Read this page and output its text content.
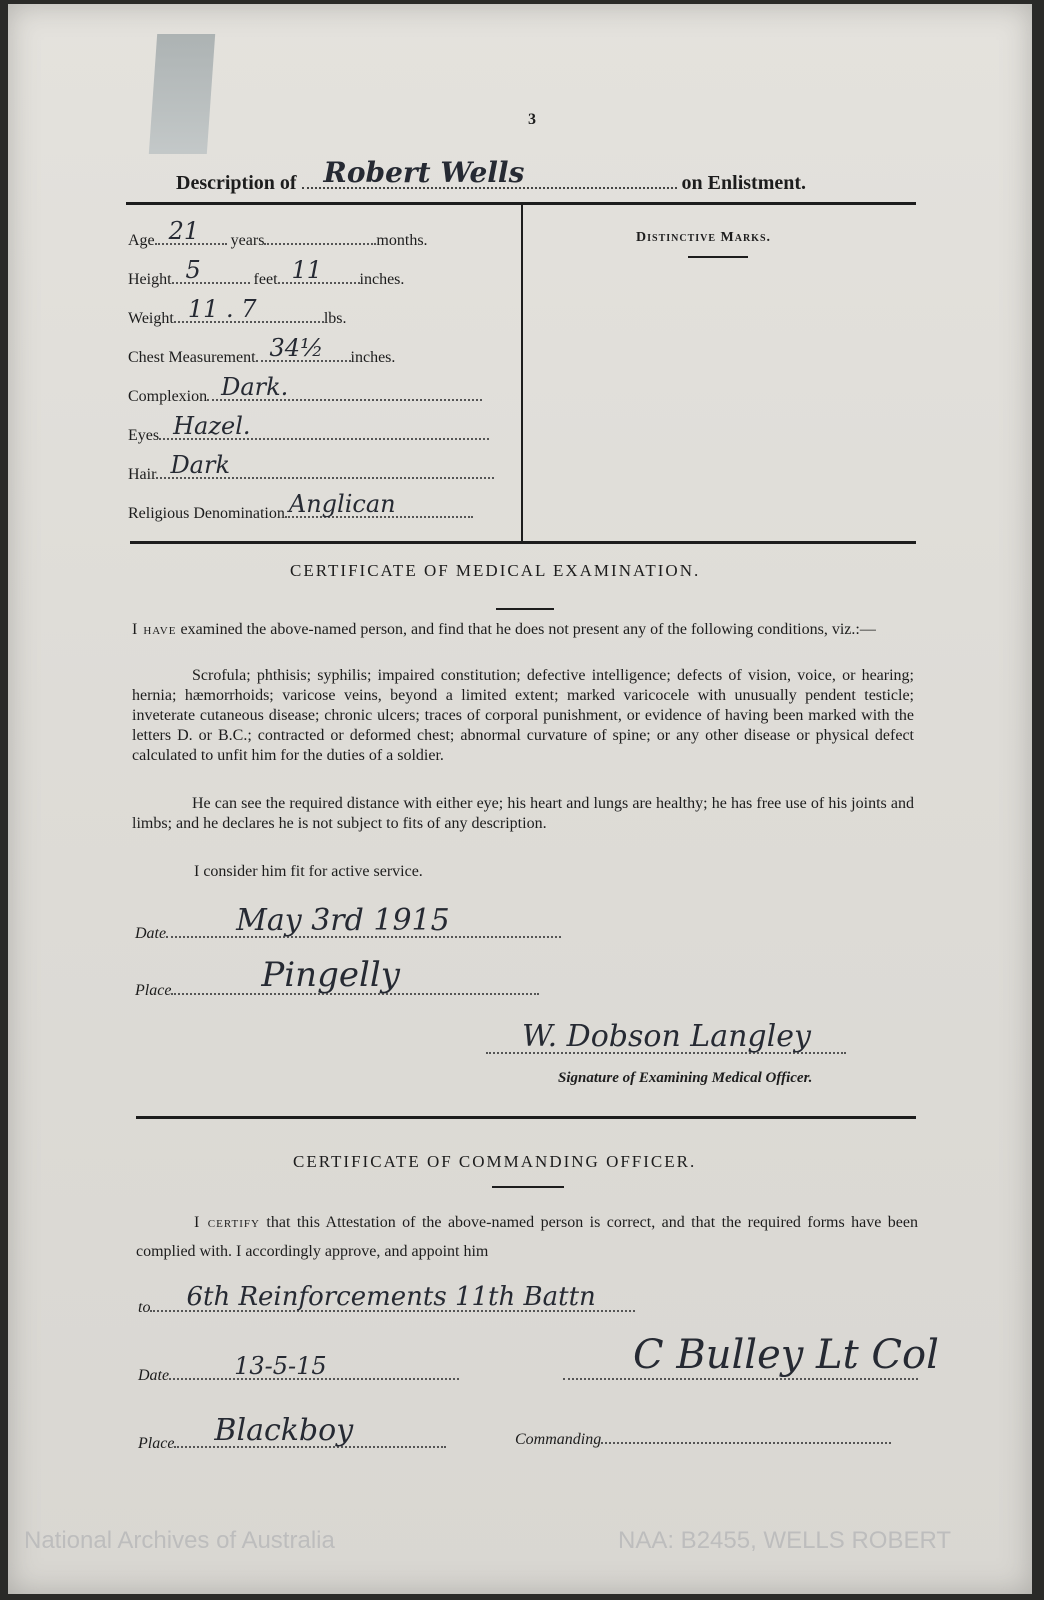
3
Description of Robert Wells	on Enlistment.
Age 21 years	months.
Height 5	feet 11 inches.
Weight 11 . 7	lbs.
Chest Measurement 34½ inches.
Complexion Dark.
Eyes Hazel.
Hair Dark
Religious Denomination Anglican
Distinctive Marks.
CERTIFICATE OF MEDICAL EXAMINATION.
I have examined the above-named person, and find that he does not present any of the following conditions, viz.:—
Scrofula; phthisis; syphilis; impaired constitution; defective intelligence; defects of vision, voice, or hearing; hernia; hæmorrhoids; varicose veins, beyond a limited extent; marked varicocele with unusually pendent testicle; inveterate cutaneous disease; chronic ulcers; traces of corporal punishment, or evidence of having been marked with the letters D. or B.C.; contracted or deformed chest; abnormal curvature of spine; or any other disease or physical defect calculated to unfit him for the duties of a soldier.
He can see the required distance with either eye; his heart and lungs are healthy; he has free use of his joints and limbs; and he declares he is not subject to fits of any description.
I consider him fit for active service.
Date May 3rd 1915
Place	Pingelly
W. Dobson Langley
Signature of Examining Medical Officer.
CERTIFICATE OF COMMANDING OFFICER.
I certify that this Attestation of the above-named person is correct, and that the required forms have been complied with. I accordingly approve, and appoint him
to 6th Reinforcements 11th Battn
Date	13-5-15	C Bulley Lt Col
Place Blackboy	Commanding
National Archives of Australia	NAA: B2455, WELLS ROBERT
